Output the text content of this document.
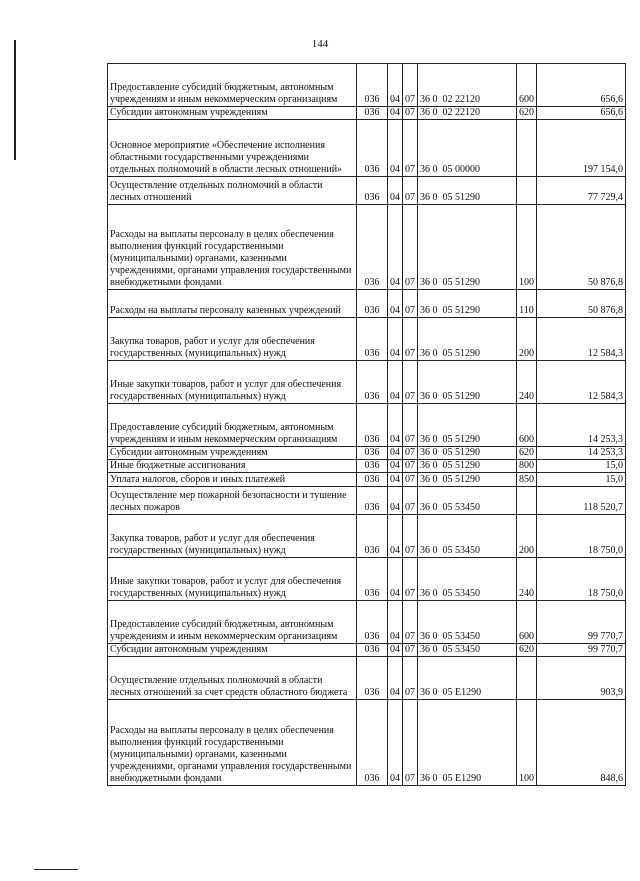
144
Предоставление субсидий бюджетным, автономным учреждениям и иным некоммерческим организациям	036	04	07	36 0  02 22120	600	656,6
Субсидии автономным учреждениям	036	04	07	36 0  02 22120	620	656,6
Основное мероприятие «Обеспечение исполнения областными государственными учреждениями отдельных полномочий в области лесных отношений»	036	04	07	36 0  05 00000		197 154,0
Осуществление отдельных полномочий в области лесных отношений	036	04	07	36 0  05 51290		77 729,4
Расходы на выплаты персоналу в целях обеспечения выполнения функций государственными (муниципальными) органами, казенными учреждениями, органами управления государственными внебюджетными фондами	036	04	07	36 0  05 51290	100	50 876,8
Расходы на выплаты персоналу казенных учреждений	036	04	07	36 0  05 51290	110	50 876,8
Закупка товаров, работ и услуг для обеспечения государственных (муниципальных) нужд	036	04	07	36 0  05 51290	200	12 584,3
Иные закупки товаров, работ и услуг для обеспечения государственных (муниципальных) нужд	036	04	07	36 0  05 51290	240	12 584,3
Предоставление субсидий бюджетным, автономным учреждениям и иным некоммерческим организациям	036	04	07	36 0  05 51290	600	14 253,3
Субсидии автономным учреждениям	036	04	07	36 0  05 51290	620	14 253,3
Иные бюджетные ассигнования	036	04	07	36 0  05 51290	800	15,0
Уплата налогов, сборов и иных платежей	036	04	07	36 0  05 51290	850	15,0
Осуществление мер пожарной безопасности и тушение лесных пожаров	036	04	07	36 0  05 53450		118 520,7
Закупка товаров, работ и услуг для обеспечения государственных (муниципальных) нужд	036	04	07	36 0  05 53450	200	18 750,0
Иные закупки товаров, работ и услуг для обеспечения государственных (муниципальных) нужд	036	04	07	36 0  05 53450	240	18 750,0
Предоставление субсидий бюджетным, автономным учреждениям и иным некоммерческим организациям	036	04	07	36 0  05 53450	600	99 770,7
Субсидии автономным учреждениям	036	04	07	36 0  05 53450	620	99 770,7
Осуществление отдельных полномочий в области лесных отношений за счет средств областного бюджета	036	04	07	36 0  05 Е1290		903,9
Расходы на выплаты персоналу в целях обеспечения выполнения функций государственными (муниципальными) органами, казенными учреждениями, органами управления государственными внебюджетными фондами	036	04	07	36 0  05 Е1290	100	848,6
